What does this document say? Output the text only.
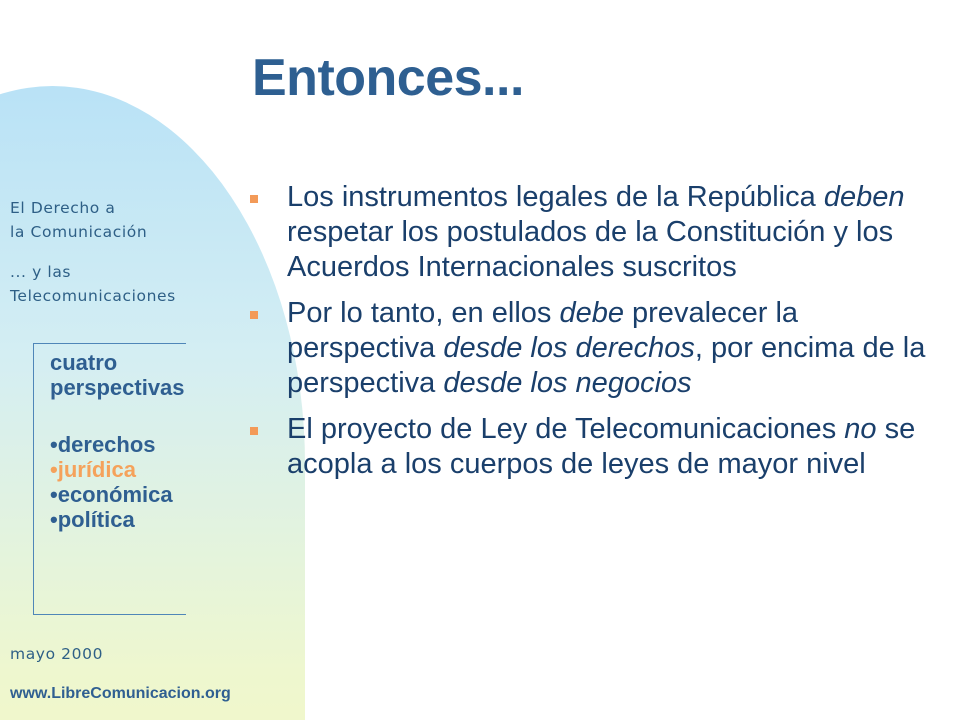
El Derecho a
la Comunicación
... y las
Telecomunicaciones
cuatro
perspectivas
•derechos
•jurídica
•económica
•política
mayo 2000
www.LibreComunicacion.org
Entonces...
Los instrumentos legales de la República deben respetar los postulados de la Constitución y los Acuerdos Internacionales suscritos
Por lo tanto, en ellos debe prevalecer la perspectiva desde los derechos, por encima de la perspectiva desde los negocios
El proyecto de Ley de Telecomunicaciones no se acopla a los cuerpos de leyes de mayor nivel
